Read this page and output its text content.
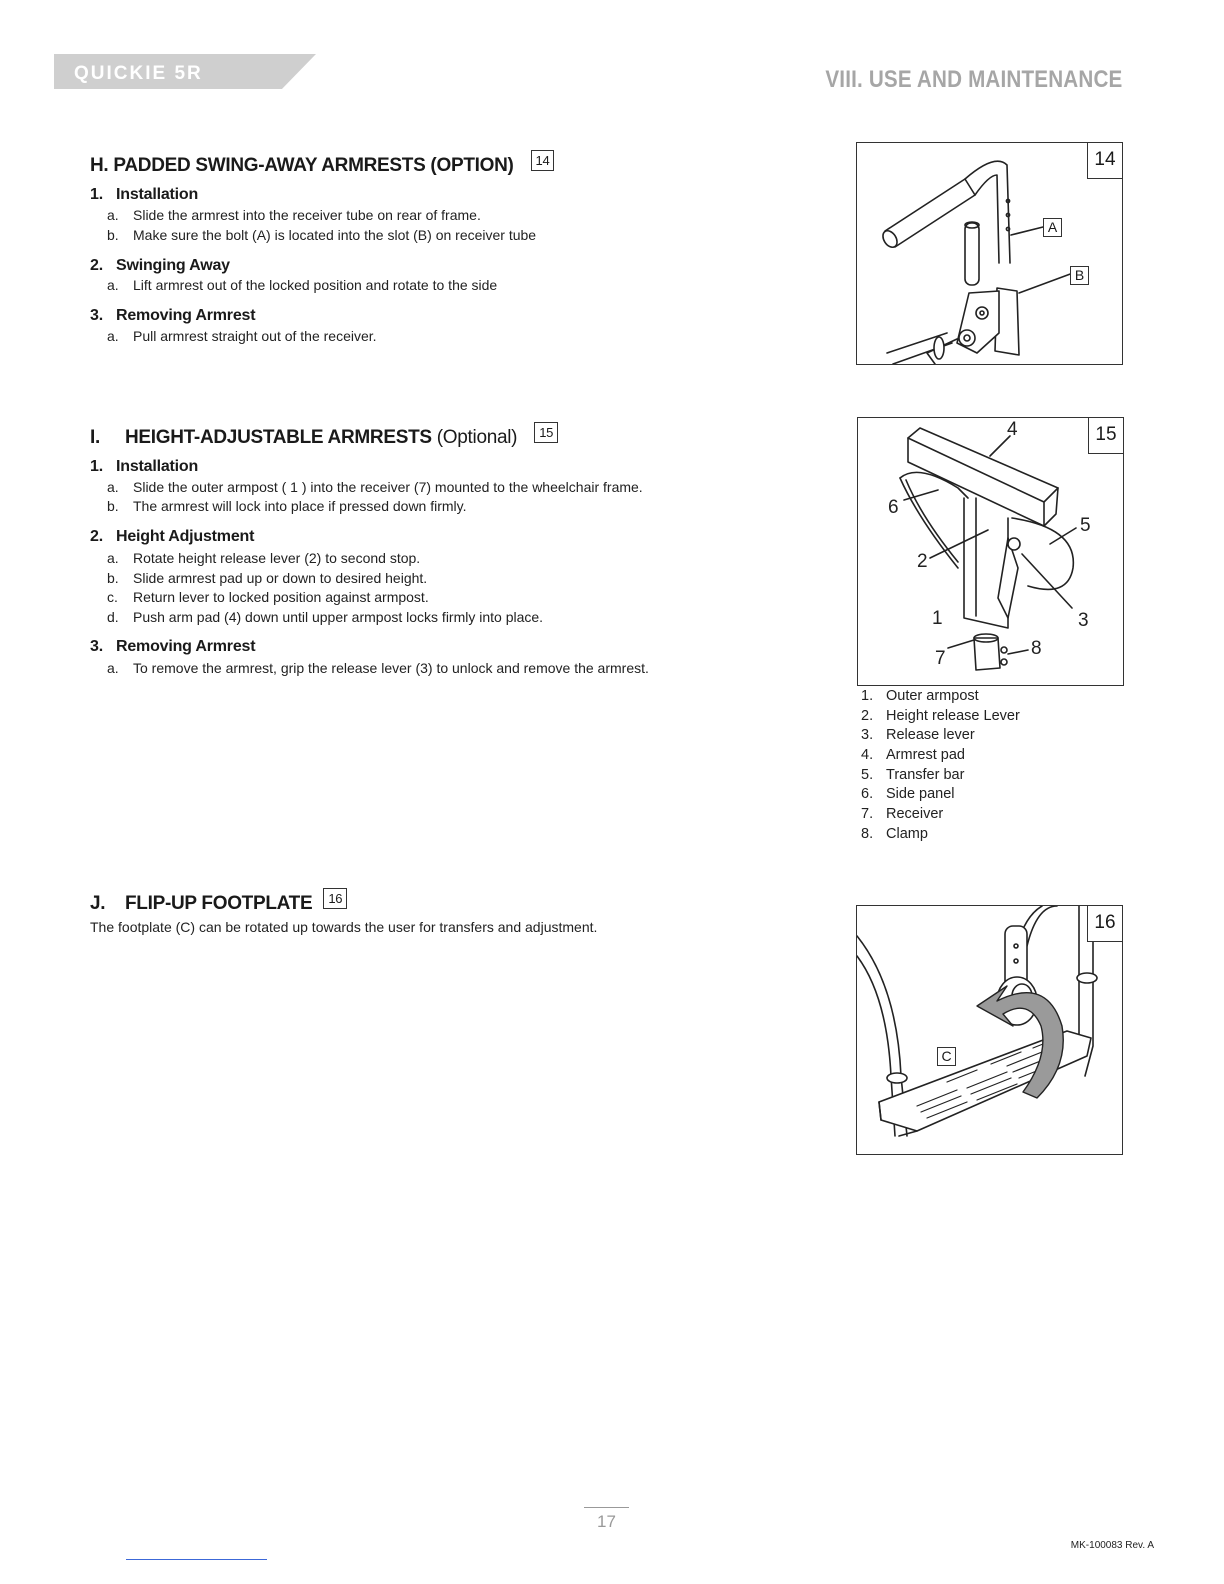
QUICKIE 5R	VIII. USE AND MAINTENANCE
H. PADDED SWING-AWAY ARMRESTS (OPTION) 14
1. Installation
a. Slide the armrest into the receiver tube on rear of frame.
b. Make sure the bolt (A) is located into the slot (B) on receiver tube
2. Swinging Away
a. Lift armrest out of the locked position and rotate to the side
3. Removing Armrest
a. Pull armrest straight out of the receiver.
I. HEIGHT-ADJUSTABLE ARMRESTS (Optional) 15
1. Installation
a. Slide the outer armpost ( 1 ) into the receiver (7) mounted to the wheelchair frame.
b. The armrest will lock into place if pressed down firmly.
2. Height Adjustment
a. Rotate height release lever (2) to second stop.
b. Slide armrest pad up or down to desired height.
c. Return lever to locked position against armpost.
d. Push arm pad (4) down until upper armpost locks firmly into place.
3. Removing Armrest
a. To remove the armrest, grip the release lever (3) to unlock and remove the armrest.
J. FLIP-UP FOOTPLATE 16
The footplate (C) can be rotated up towards the user for transfers and adjustment.
A
B
14
4
6
5
2
1	3
7	8
15
1. Outer armpost
2. Height release Lever
3. Release lever
4. Armrest pad
5. Transfer bar
6. Side panel
7. Receiver
8. Clamp
C
16
17
MK-100083 Rev. A
